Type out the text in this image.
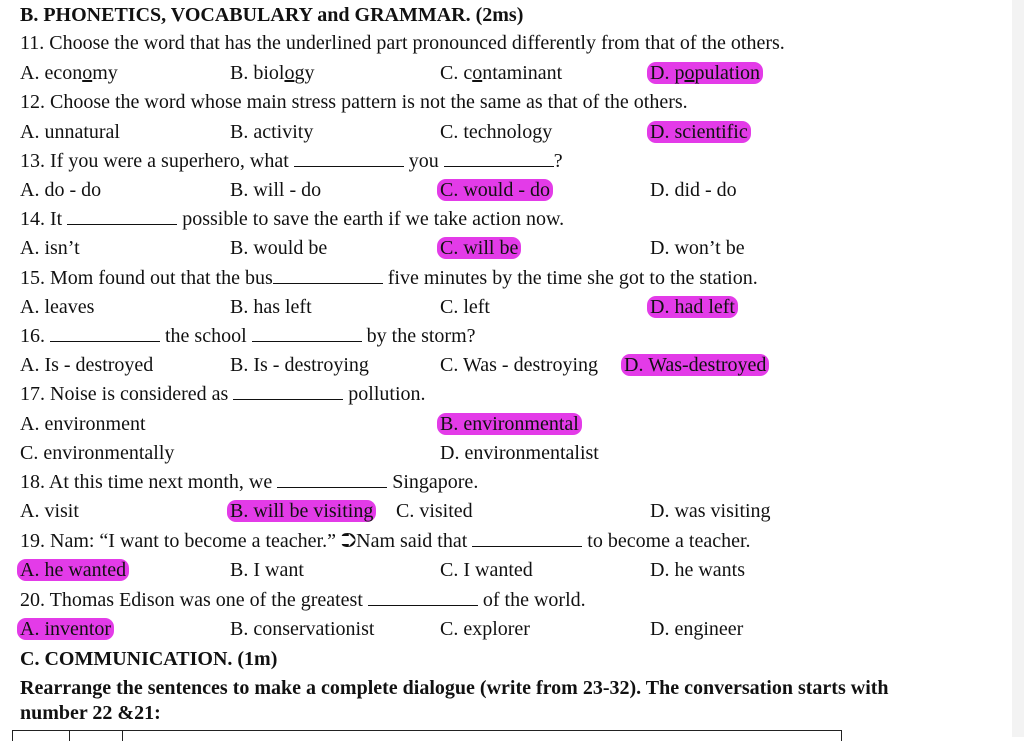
B. PHONETICS, VOCABULARY and GRAMMAR. (2ms)
11. Choose the word that has the underlined part pronounced differently from that of the others.
A. economy	B. biology	C. contaminant	D. population
12. Choose the word whose main stress pattern is not the same as that of the others.
A. unnatural	B. activity	C. technology	D. scientific
13. If you were a superhero, what	you	?
A. do - do	B. will - do	C. would - do	D. did - do
14. It	possible to save the earth if we take action now.
A. isn’t	B. would be	C. will be	D. won’t be
15. Mom found out that the bus	five minutes by the time she got to the station.
A. leaves	B. has left	C. left	D. had left
16.	the school	by the storm?
A. Is - destroyed	B. Is - destroying	C. Was - destroying D. Was-destroyed
17. Noise is considered as	pollution.
A. environment	B. environmental
C. environmentally	D. environmentalist
18. At this time next month, we	Singapore.
A. visit	B. will be visiting C. visited	D. was visiting
19. Nam: “I want to become a teacher.” ⮊Nam said that	to become a teacher.
A. he wanted	B. I want	C. I wanted	D. he wants
20. Thomas Edison was one of the greatest	of the world.
A. inventor	B. conservationist	C. explorer	D. engineer
C. COMMUNICATION. (1m)
Rearrange the sentences to make a complete dialogue (write from 23-32). The conversation starts with
number 22 &21:
